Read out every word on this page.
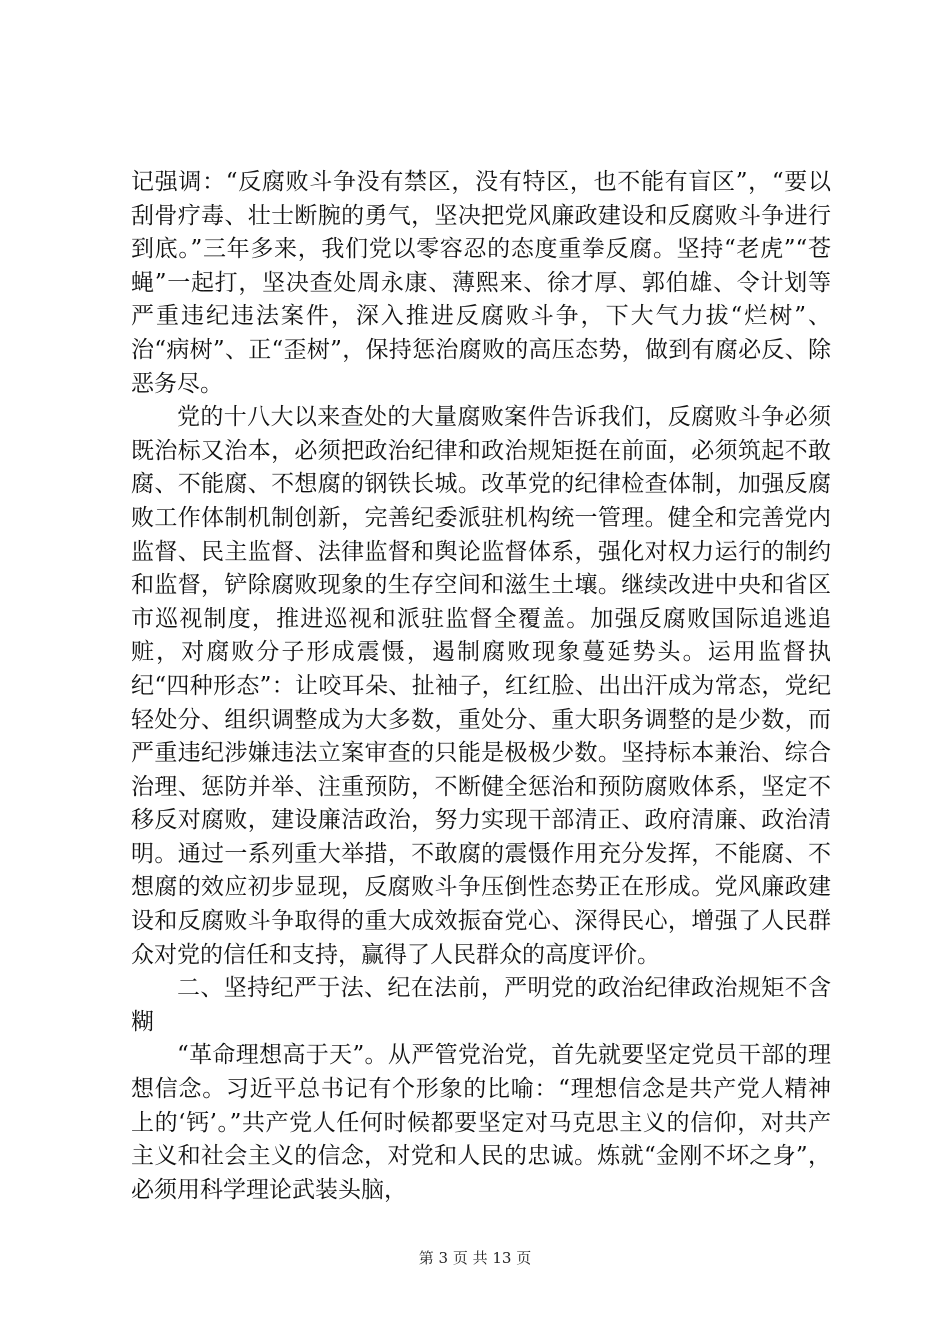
记强调：“反腐败斗争没有禁区，没有特区，也不能有盲区”，“要以刮骨疗毒、壮士断腕的勇气，坚决把党风廉政建设和反腐败斗争进行到底。”三年多来，我们党以零容忍的态度重拳反腐。坚持“老虎”“苍蝇”一起打，坚决查处周永康、薄熙来、徐才厚、郭伯雄、令计划等严重违纪违法案件，深入推进反腐败斗争，下大气力拔“烂树”、治“病树”、正“歪树”，保持惩治腐败的高压态势，做到有腐必反、除恶务尽。

党的十八大以来查处的大量腐败案件告诉我们，反腐败斗争必须既治标又治本，必须把政治纪律和政治规矩挺在前面，必须筑起不敢腐、不能腐、不想腐的钢铁长城。改革党的纪律检查体制，加强反腐败工作体制机制创新，完善纪委派驻机构统一管理。健全和完善党内监督、民主监督、法律监督和舆论监督体系，强化对权力运行的制约和监督，铲除腐败现象的生存空间和滋生土壤。继续改进中央和省区市巡视制度，推进巡视和派驻监督全覆盖。加强反腐败国际追逃追赃，对腐败分子形成震慑，遏制腐败现象蔓延势头。运用监督执纪“四种形态”：让咬耳朵、扯袖子，红红脸、出出汗成为常态，党纪轻处分、组织调整成为大多数，重处分、重大职务调整的是少数，而严重违纪涉嫌违法立案审查的只能是极极少数。坚持标本兼治、综合治理、惩防并举、注重预防，不断健全惩治和预防腐败体系，坚定不移反对腐败，建设廉洁政治，努力实现干部清正、政府清廉、政治清明。通过一系列重大举措，不敢腐的震慑作用充分发挥，不能腐、不想腐的效应初步显现，反腐败斗争压倒性态势正在形成。党风廉政建设和反腐败斗争取得的重大成效振奋党心、深得民心，增强了人民群众对党的信任和支持，赢得了人民群众的高度评价。

二、坚持纪严于法、纪在法前，严明党的政治纪律政治规矩不含糊

“革命理想高于天”。从严管党治党，首先就要坚定党员干部的理想信念。习近平总书记有个形象的比喻：“理想信念是共产党人精神上的‘钙’。”共产党人任何时候都要坚定对马克思主义的信仰，对共产主义和社会主义的信念，对党和人民的忠诚。炼就“金刚不坏之身”，必须用科学理论武装头脑，

第 3 页 共 13 页
